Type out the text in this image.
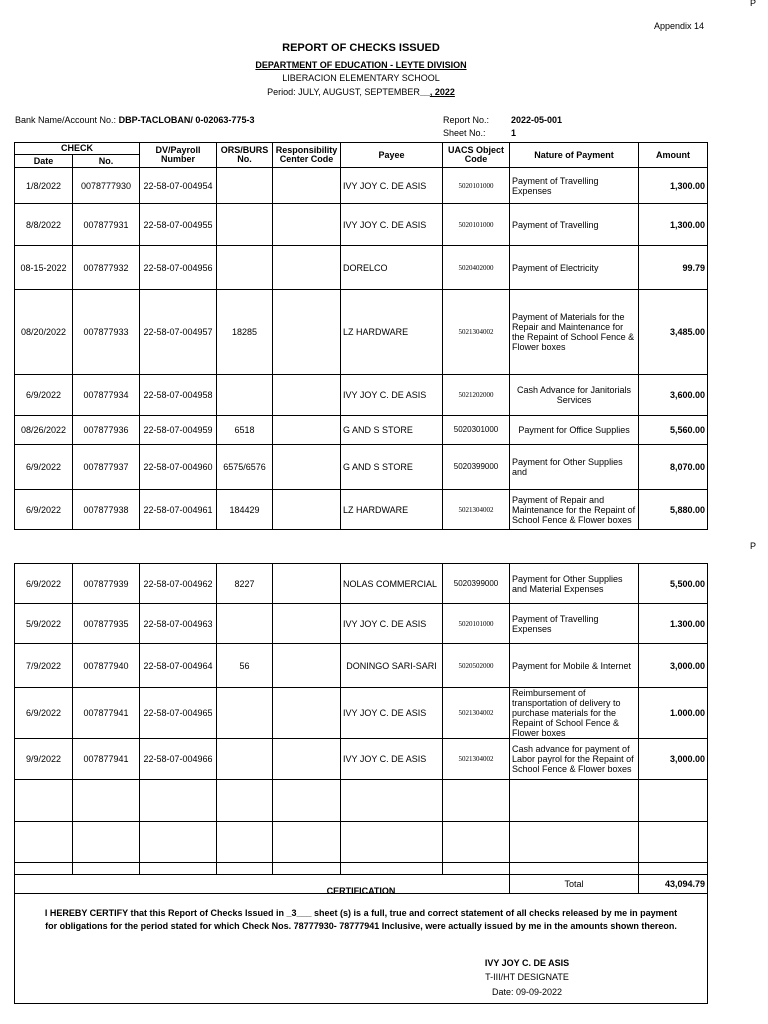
P
P
Appendix 14
REPORT OF CHECKS ISSUED
DEPARTMENT OF EDUCATION - LEYTE DIVISION
LIBERACION ELEMENTARY SCHOOL
Period: JULY, AUGUST, SEPTEMBER__, 2022
Bank Name/Account No.: DBP-TACLOBAN/ 0-02063-775-3	Report No.: 2022-05-001
Sheet No.:	1
CHECK		DV/Payroll Number	ORS/BURS No.	Responsibility Center Code	Payee	UACS Object Code	Nature of Payment	Amount
Date	No.							
1/8/2022	0078777930	22-58-07-004954			IVY JOY C. DE ASIS	5020101000	Payment of Travelling Expenses	1,300.00
8/8/2022	007877931	22-58-07-004955			IVY JOY C. DE ASIS	5020101000	Payment of Travelling	1,300.00
08-15-2022	007877932	22-58-07-004956			DORELCO	5020402000	Payment of Electricity	99.79
08/20/2022	007877933	22-58-07-004957	18285		LZ HARDWARE	5021304002	Payment of Materials for the Repair and Maintenance for the Repaint of School Fence & Flower boxes	3,485.00
6/9/2022	007877934	22-58-07-004958			IVY JOY C. DE ASIS	5021202000	Cash Advance for Janitorials Services	3,600.00
08/26/2022	007877936	22-58-07-004959	6518		G AND S STORE	5020301000	Payment for Office Supplies	5,560.00
6/9/2022	007877937	22-58-07-004960	6575/6576		G AND S STORE	5020399000	Payment for Other Supplies and	8,070.00
6/9/2022	007877938	22-58-07-004961	184429		LZ HARDWARE	5021304002	Payment of Repair and Maintenance for the Repaint of School Fence & Flower boxes	5,880.00
6/9/2022	007877939	22-58-07-004962	8227		NOLAS COMMERCIAL	5020399000	Payment for Other Supplies and Material Expenses	5,500.00
5/9/2022	007877935	22-58-07-004963			IVY JOY C. DE ASIS	5020101000	Payment of Travelling Expenses	1.300.00
7/9/2022	007877940	22-58-07-004964	56		DONINGO SARI-SARI	5020502000	Payment for Mobile & Internet	3,000.00
6/9/2022	007877941	22-58-07-004965			IVY JOY C. DE ASIS	5021304002	Reimbursement of transportation of delivery to purchase materials for the Repaint of School Fence & Flower boxes	1.000.00
9/9/2022	007877941	22-58-07-004966			IVY JOY C. DE ASIS	5021304002	Cash advance for payment of Labor payrol for the Repaint of School Fence & Flower boxes	3,000.00

							Total	43,094.79
CERTIFICATION
I HEREBY CERTIFY that this Report of Checks Issued in _3___ sheet (s) is a full, true and correct statement of all checks released by me in payment
for obligations for the period stated for which Check Nos. 78777930- 78777941 Inclusive, were actually issued by me in the amounts shown thereon.
IVY JOY C. DE ASIS
T-III/HT DESIGNATE
Date: 09-09-2022
